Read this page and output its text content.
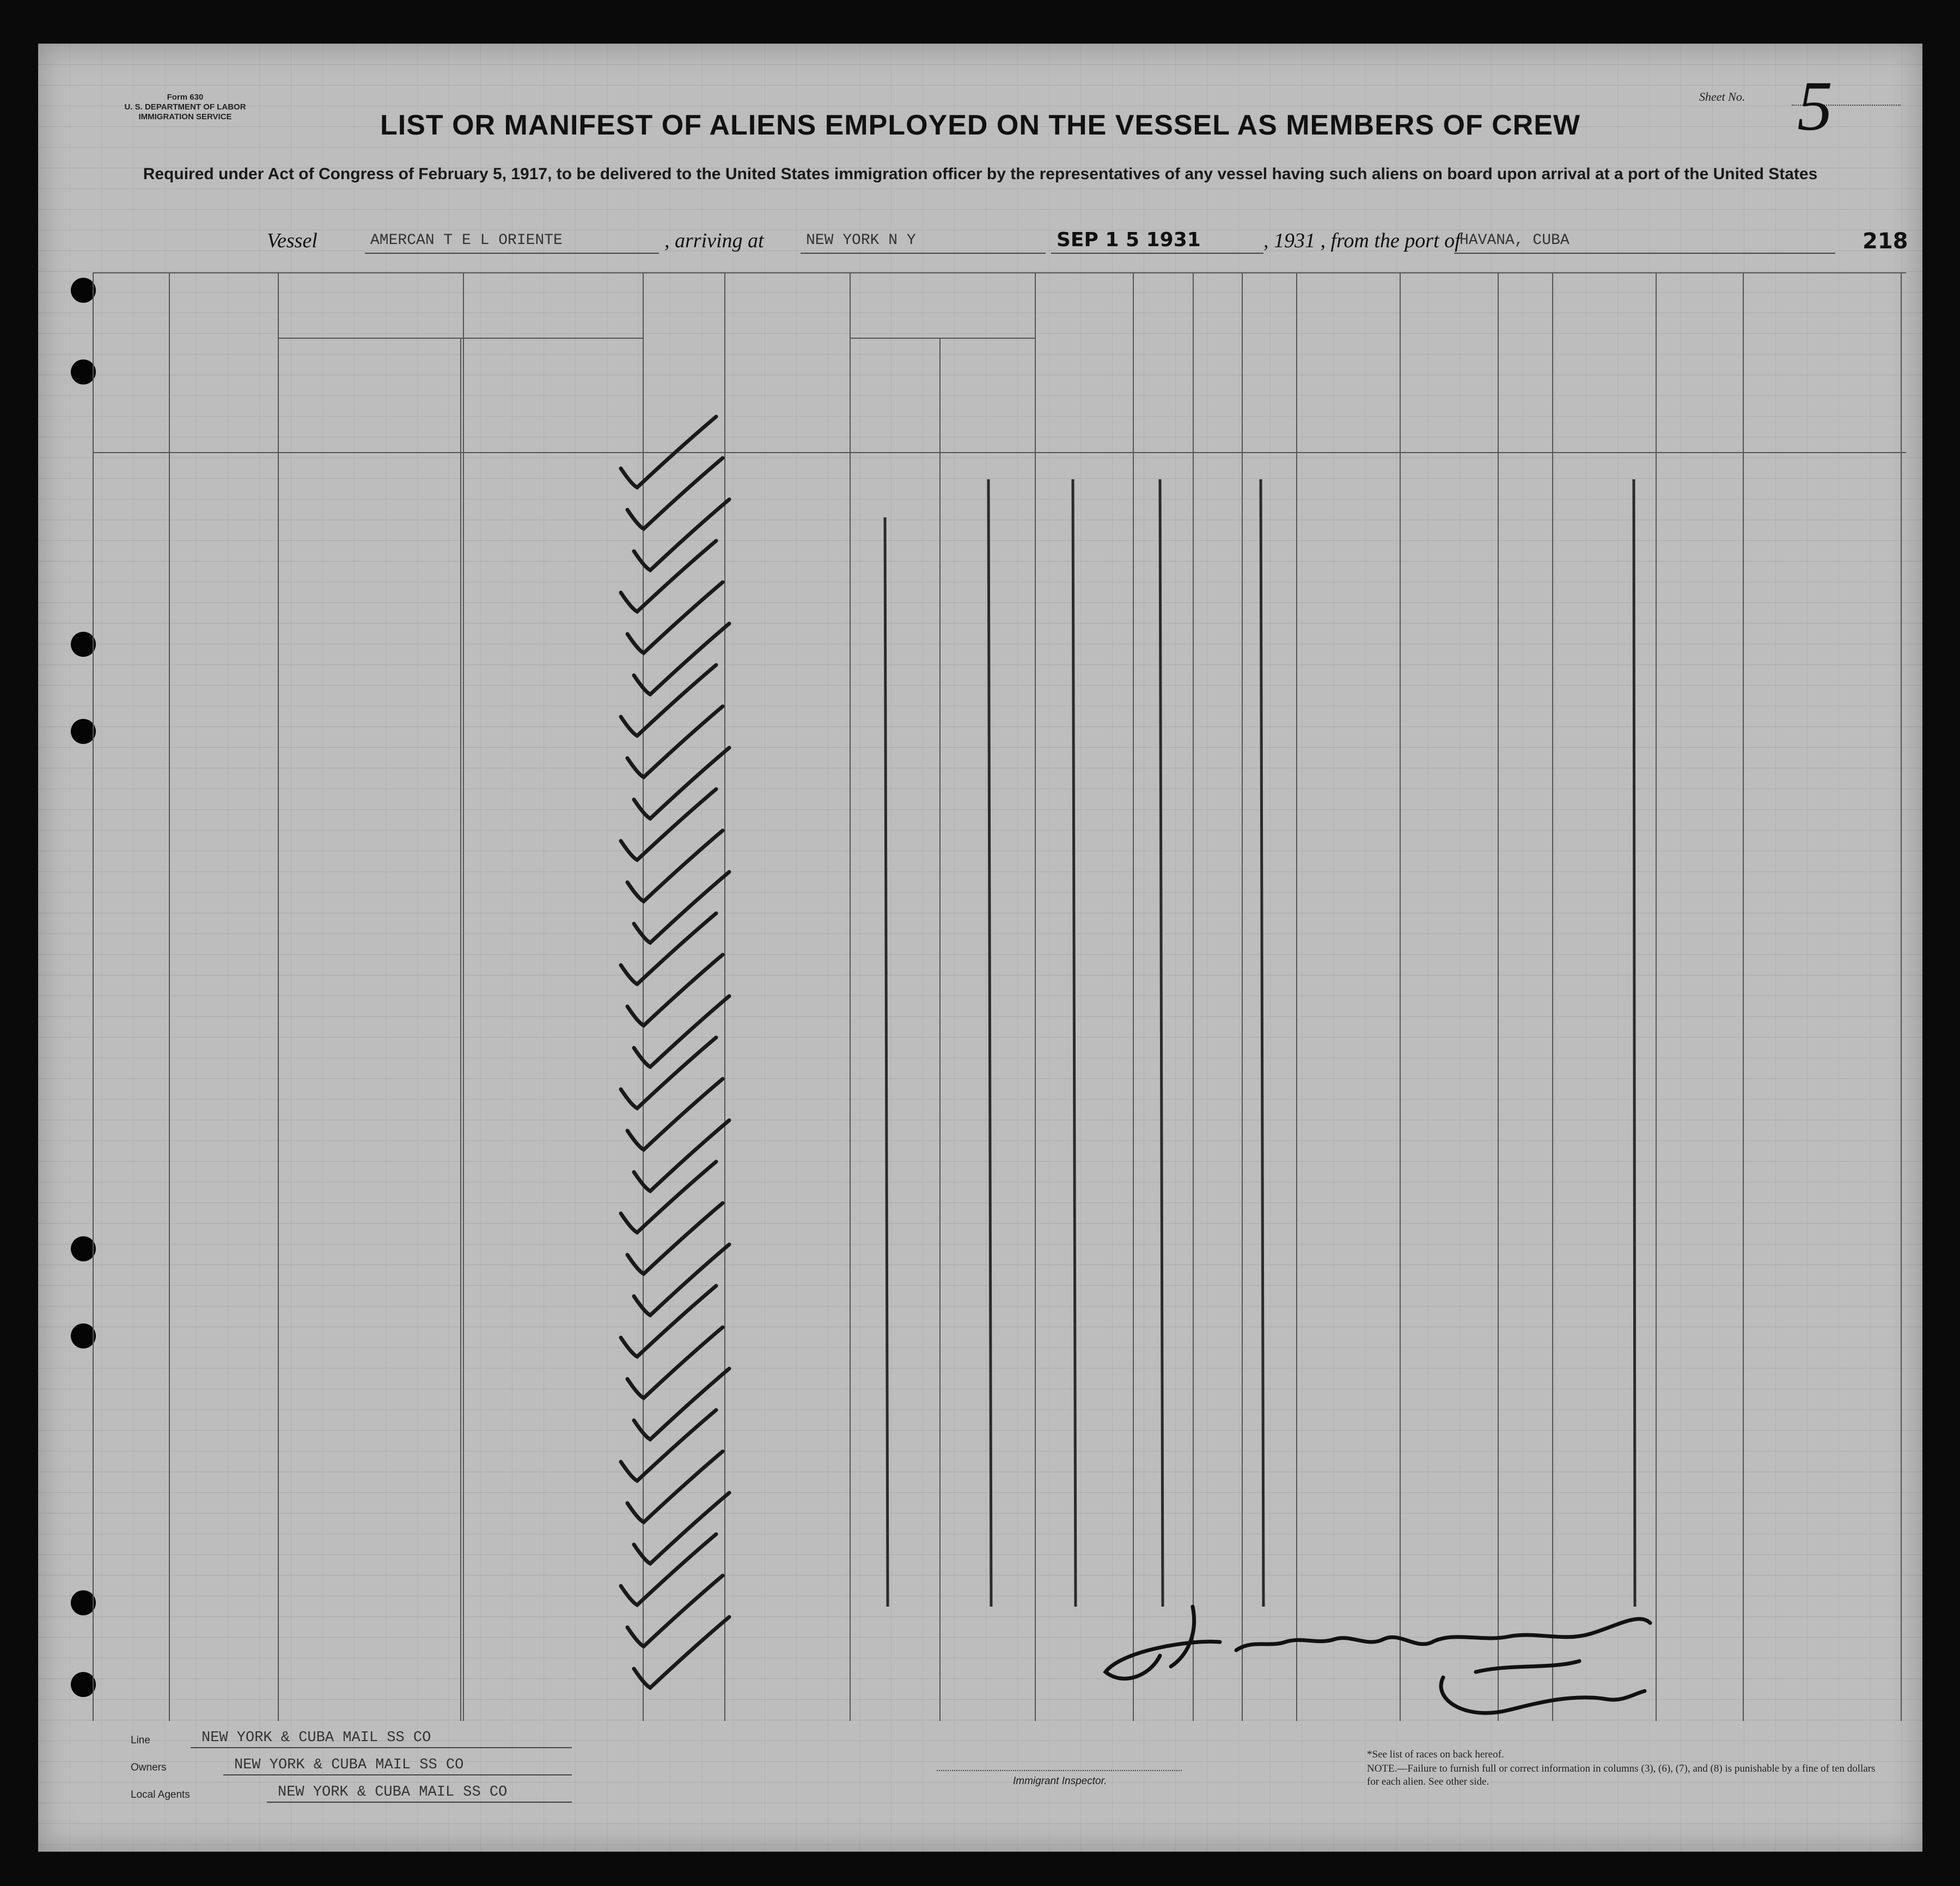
Form 630
U. S. DEPARTMENT OF LABOR
IMMIGRATION SERVICE
Sheet No. 5
LIST OR MANIFEST OF ALIENS EMPLOYED ON THE VESSEL AS MEMBERS OF CREW
Required under Act of Congress of February 5, 1917, to be delivered to the United States immigration officer by the representatives of any vessel having such aliens on board upon arrival at a port of the United States
Vessel	AMERCAN T E L ORIENTE	, arriving at	NEW YORK N Y	SEP 1 5 1931	, 1931 , from the port of
HAVANA, CUBA	218
Line	NEW YORK & CUBA MAIL SS CO
Owners	NEW YORK & CUBA MAIL SS CO
Local Agents	NEW YORK & CUBA MAIL SS CO
Immigrant Inspector.
*See list of races on back hereof.
NOTE.—Failure to furnish full or correct information in columns (3), (6), (7), and (8) is punishable by a fine of ten dollars for each alien. See other side.
